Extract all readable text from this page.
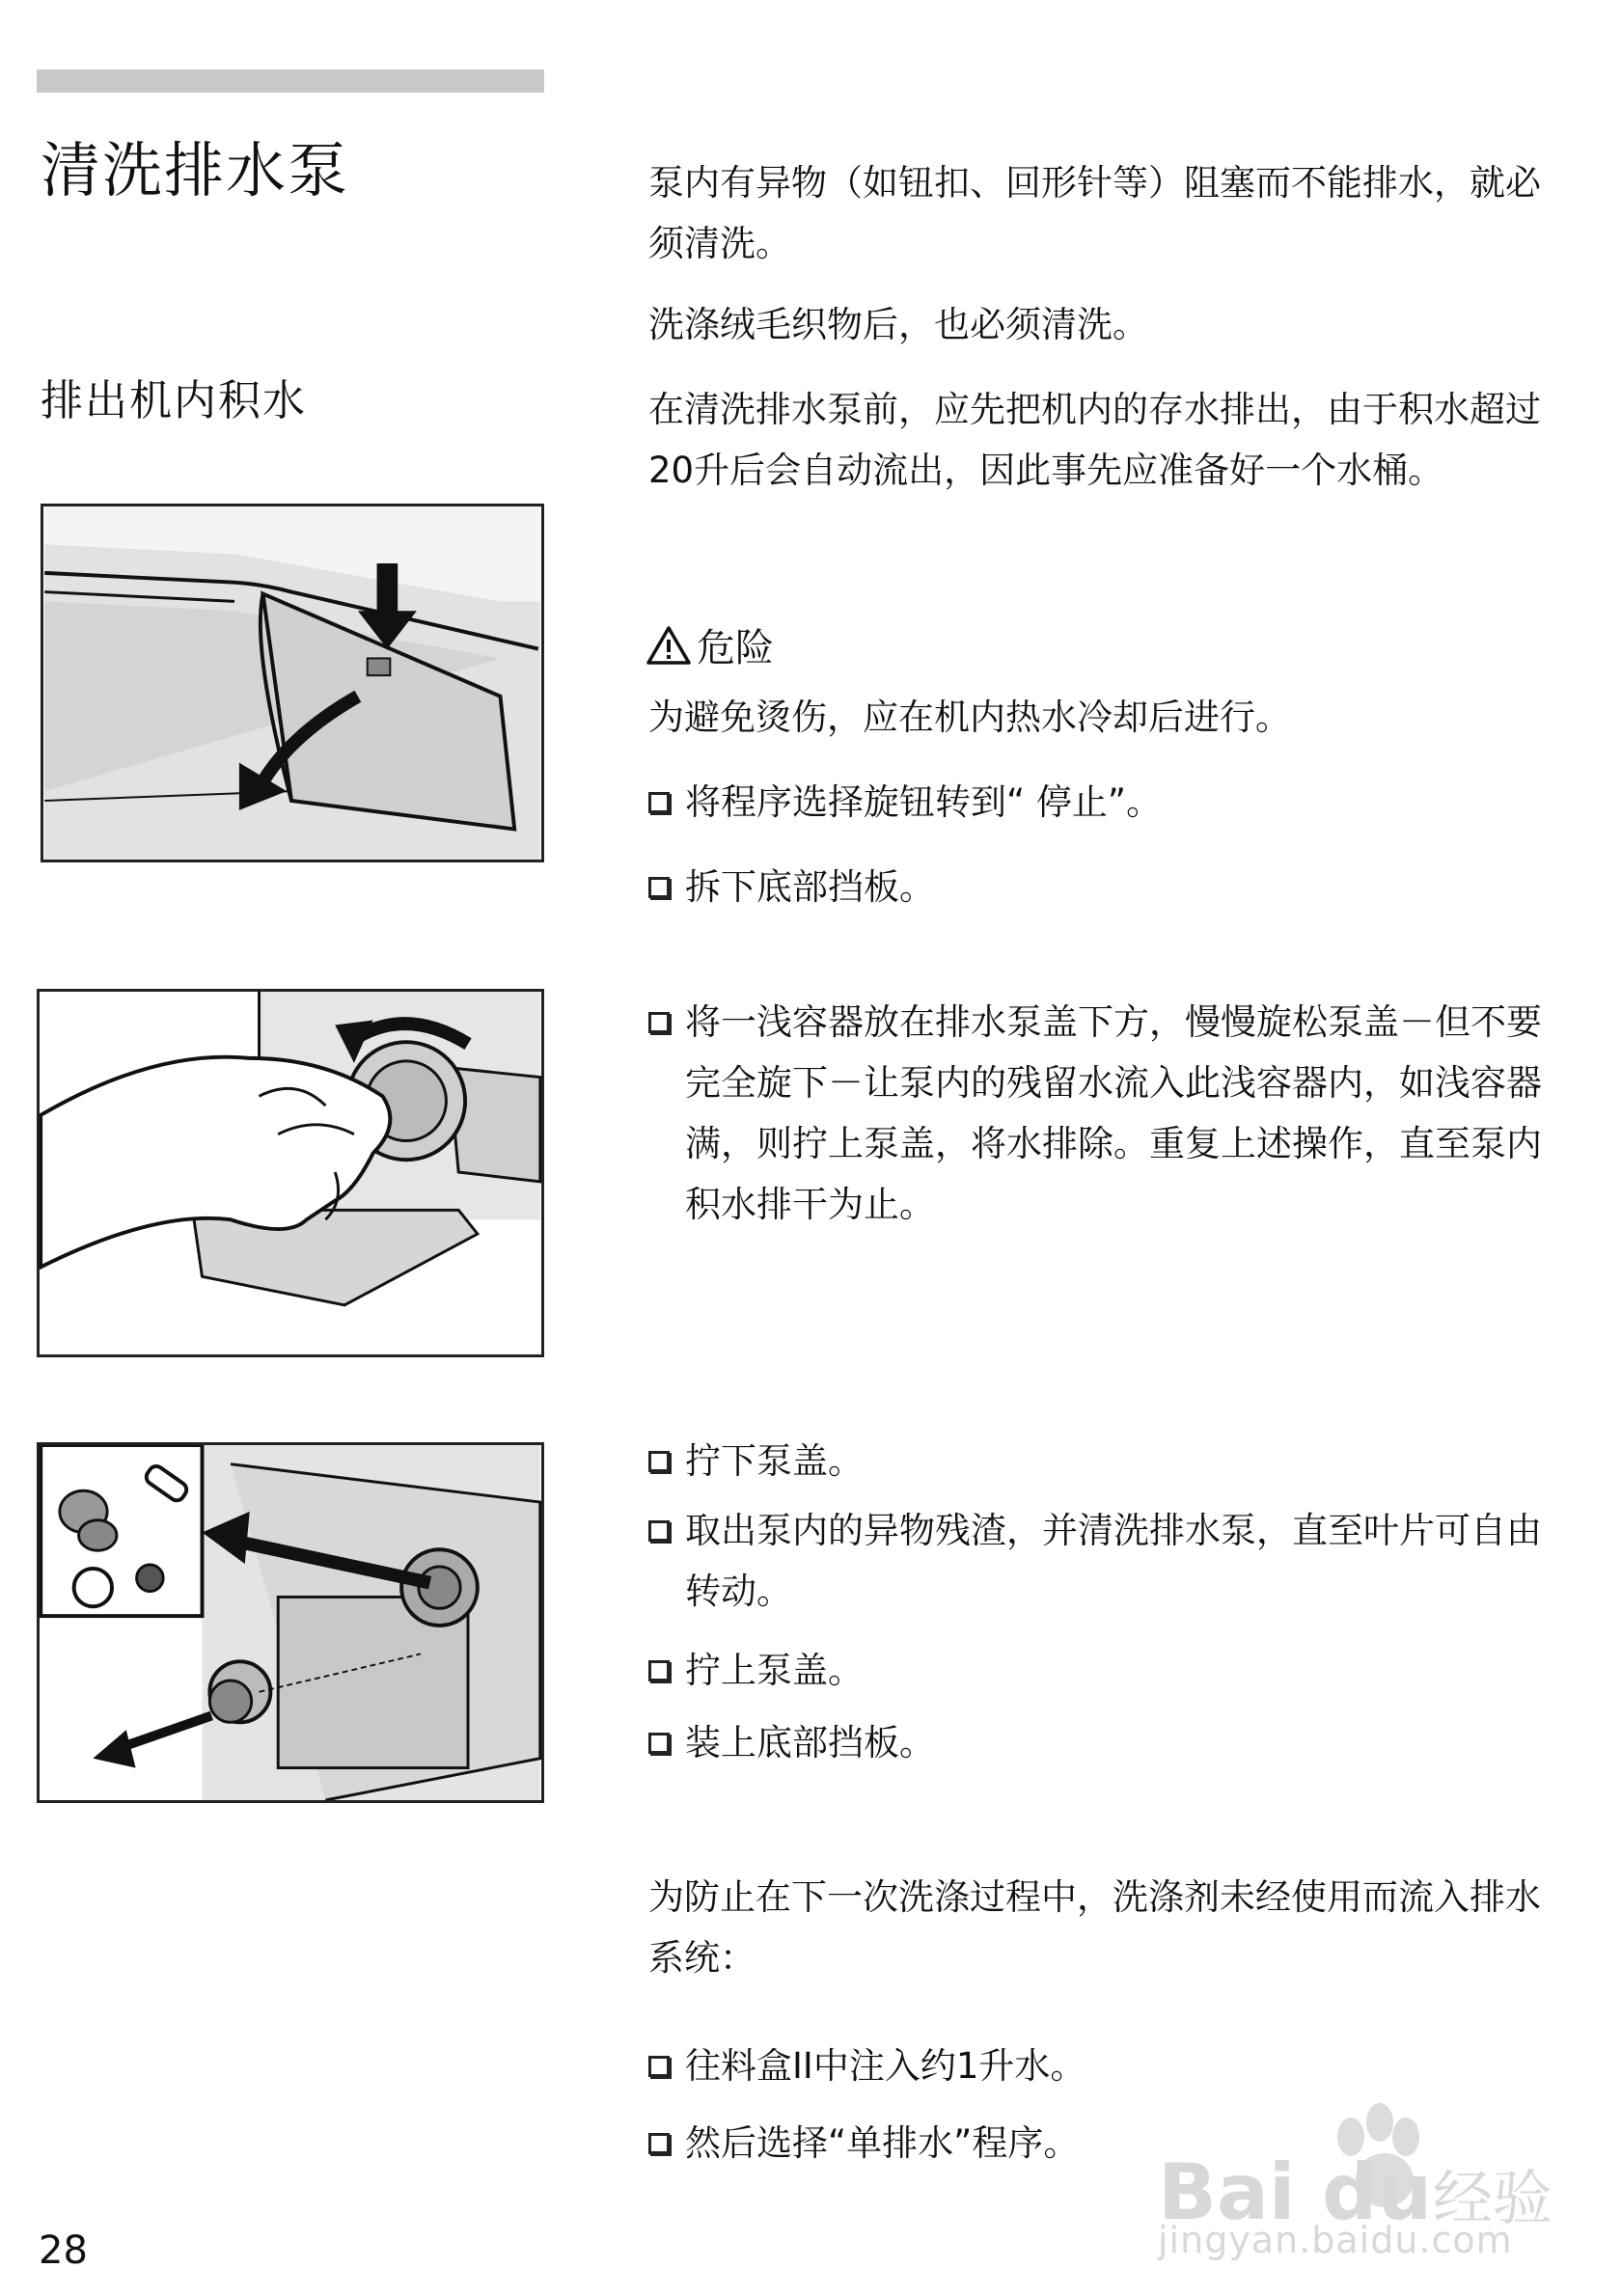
清洗排水泵
排出机内积水

泵内有异物（如钮扣、回形针等）阻塞而不能排水，就必须清洗。

洗涤绒毛织物后，也必须清洗。

在清洗排水泵前，应先把机内的存水排出，由于积水超过20升后会自动流出，因此事先应准备好一个水桶。

危险

为避免烫伤，应在机内热水冷却后进行。

将程序选择旋钮转到“ 停止”。
拆下底部挡板。
将一浅容器放在排水泵盖下方，慢慢旋松泵盖－但不要完全旋下－让泵内的残留水流入此浅容器内，如浅容器满，则拧上泵盖，将水排除。重复上述操作，直至泵内积水排干为止。
拧下泵盖。
取出泵内的异物残渣，并清洗排水泵，直至叶片可自由转动。
拧上泵盖。
装上底部挡板。

为防止在下一次洗涤过程中，洗涤剂未经使用而流入排水系统：

往料盒II中注入约1升水。
然后选择“单排水”程序。
28
Bai du 经验
jingyan.baidu.com
